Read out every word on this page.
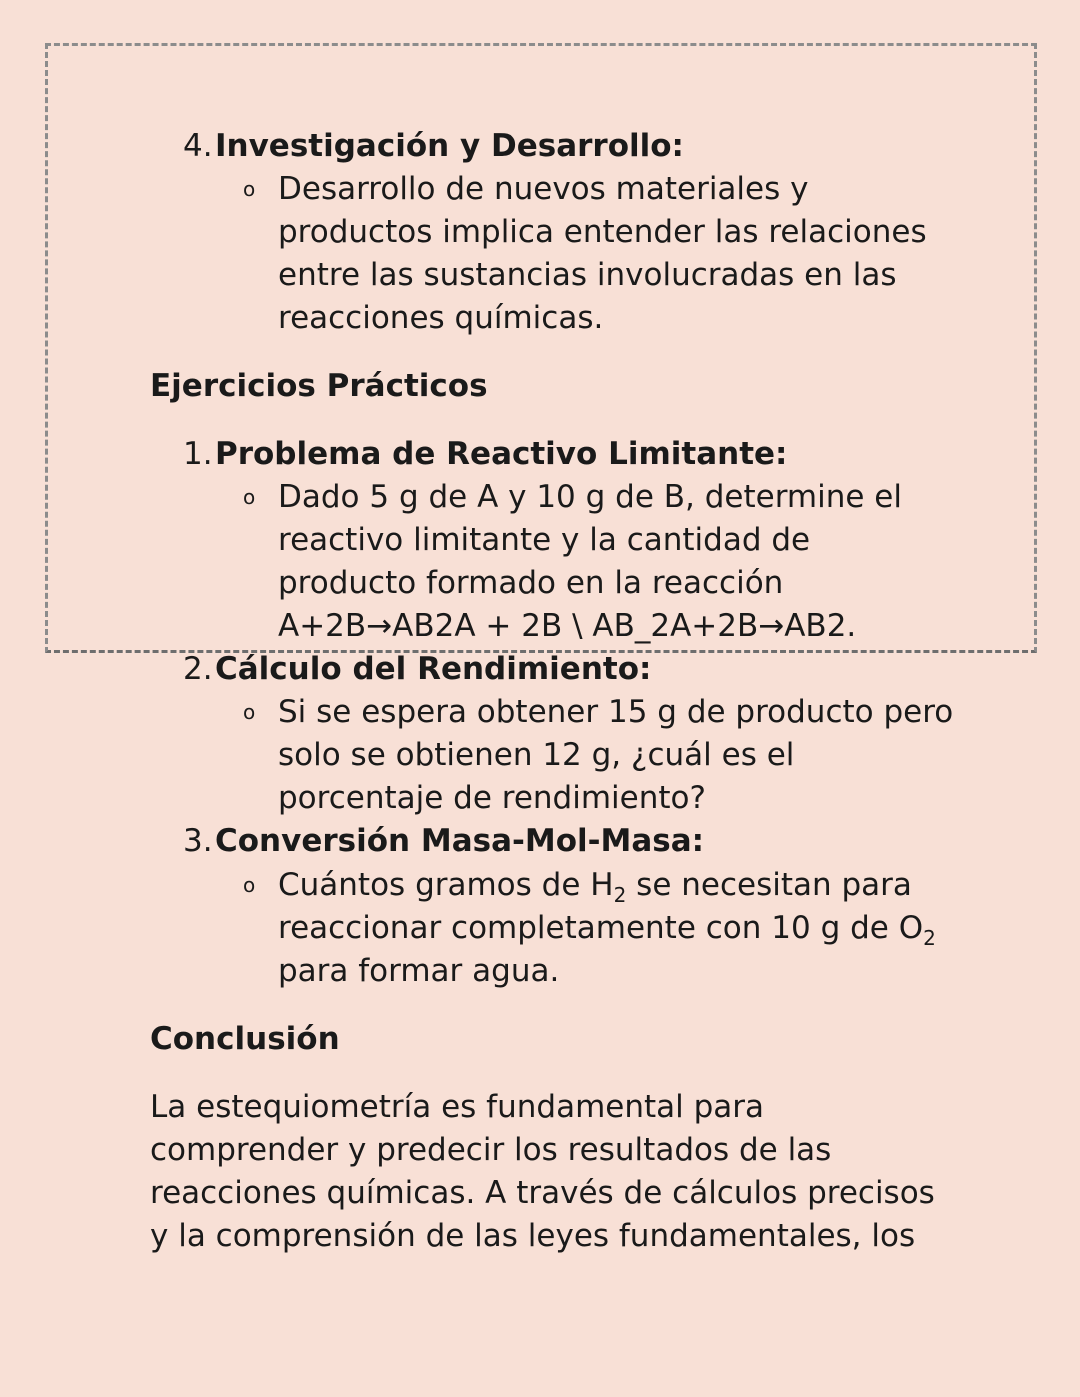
4.Investigación y Desarrollo:
o Desarrollo de nuevos materiales y productos implica entender las relaciones entre las sustancias involucradas en las reacciones químicas.
Ejercicios Prácticos
1.Problema de Reactivo Limitante:
o Dado 5 g de A y 10 g de B, determine el reactivo limitante y la cantidad de producto formado en la reacción A+2B→AB2A + 2B \ AB_2A+2B→AB2.
2.Cálculo del Rendimiento:
o Si se espera obtener 15 g de producto pero solo se obtienen 12 g, ¿cuál es el porcentaje de rendimiento?
3.Conversión Masa-Mol-Masa:
o Cuántos gramos de $H_2$ se necesitan para reaccionar completamente con 10 g de $O_2$ para formar agua.
Conclusión
La estequiometría es fundamental para comprender y predecir los resultados de las reacciones químicas. A través de cálculos precisos y la comprensión de las leyes fundamentales, los
